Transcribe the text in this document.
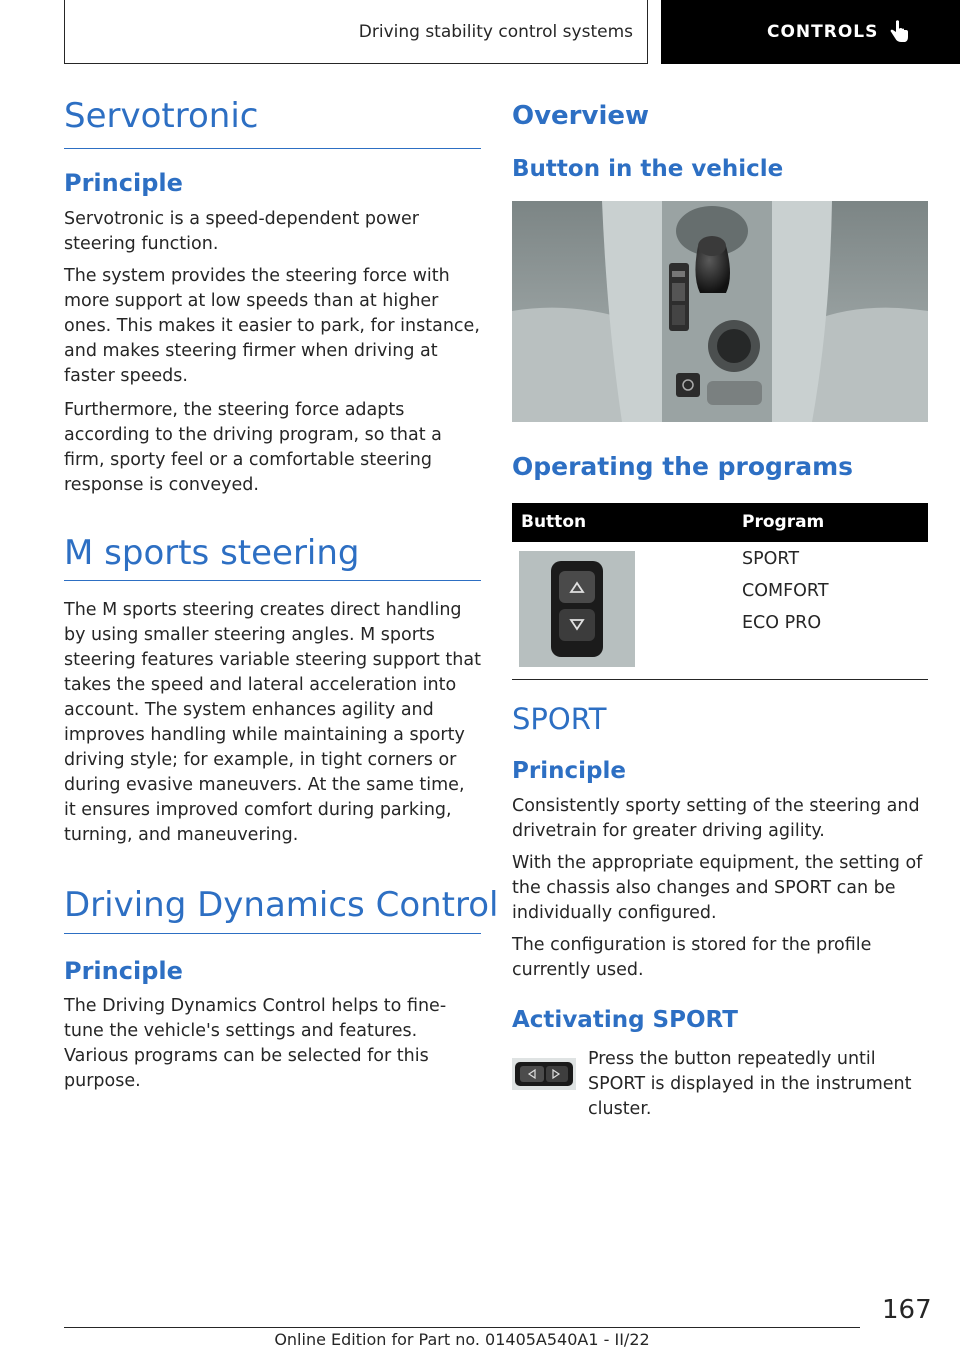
Driving stability control systems	CONTROLS
Servotronic
Principle

Servotronic is a speed-dependent power steering function.

The system provides the steering force with more support at low speeds than at higher ones. This makes it easier to park, for instance, and makes steering firmer when driving at faster speeds.

Furthermore, the steering force adapts according to the driving program, so that a firm, sporty feel or a comfortable steering response is conveyed.

M sports steering

The M sports steering creates direct handling by using smaller steering angles. M sports steering features variable steering support that takes the speed and lateral acceleration into account. The system enhances agility and improves handling while maintaining a sporty driving style; for example, in tight corners or during evasive maneuvers. At the same time, it ensures improved comfort during parking, turning, and maneuvering.

Driving Dynamics Control
Principle

The Driving Dynamics Control helps to fine-tune the vehicle's settings and features. Various programs can be selected for this purpose.

Overview
Button in the vehicle
Operating the programs
Button	Program
SPORT
COMFORT
ECO PRO
SPORT
Principle

Consistently sporty setting of the steering and drivetrain for greater driving agility.

With the appropriate equipment, the setting of the chassis also changes and SPORT can be individually configured.

The configuration is stored for the profile currently used.

Activating SPORT

Press the button repeatedly until SPORT is displayed in the instrument cluster.

167
Online Edition for Part no. 01405A540A1 - II/22
